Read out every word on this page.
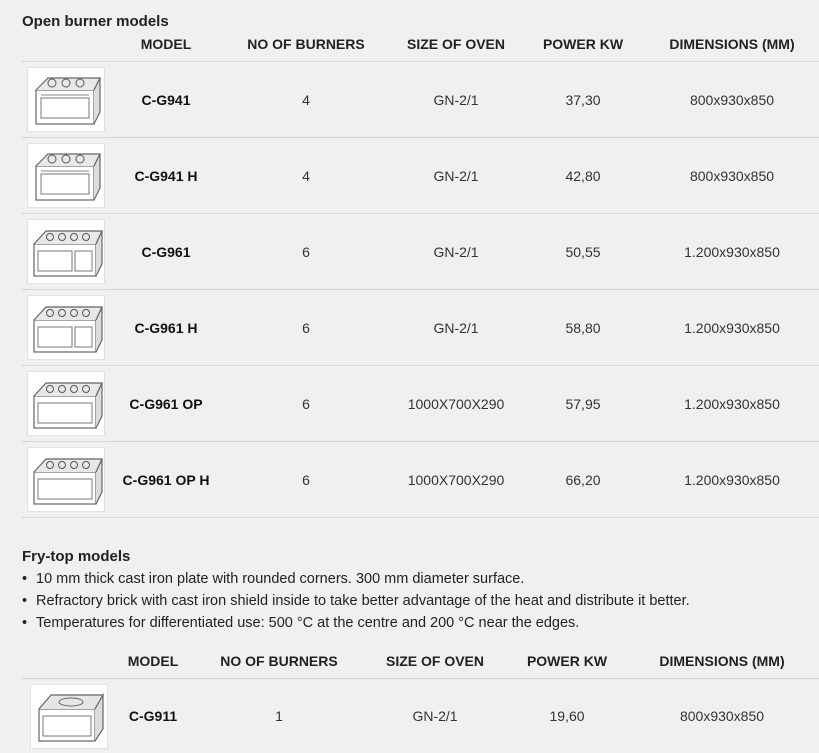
Open burner models
MODEL	NO OF BURNERS	SIZE OF OVEN	POWER KW	DIMENSIONS (MM)
C-G941	4	GN-2/1	37,30	800x930x850
C-G941 H	4	GN-2/1	42,80	800x930x850
C-G961	6	GN-2/1	50,55	1.200x930x850
C-G961 H	6	GN-2/1	58,80	1.200x930x850
C-G961 OP	6	1000X700X290	57,95	1.200x930x850
C-G961 OP H	6	1000X700X290	66,20	1.200x930x850
Fry-top models
• 10 mm thick cast iron plate with rounded corners. 300 mm diameter surface.
• Refractory brick with cast iron shield inside to take better advantage of the heat and distribute it better.
• Temperatures for differentiated use: 500 °C at the centre and 200 °C near the edges.
MODEL	NO OF BURNERS	SIZE OF OVEN	POWER KW	DIMENSIONS (MM)
C-G911	1	GN-2/1	19,60	800x930x850
